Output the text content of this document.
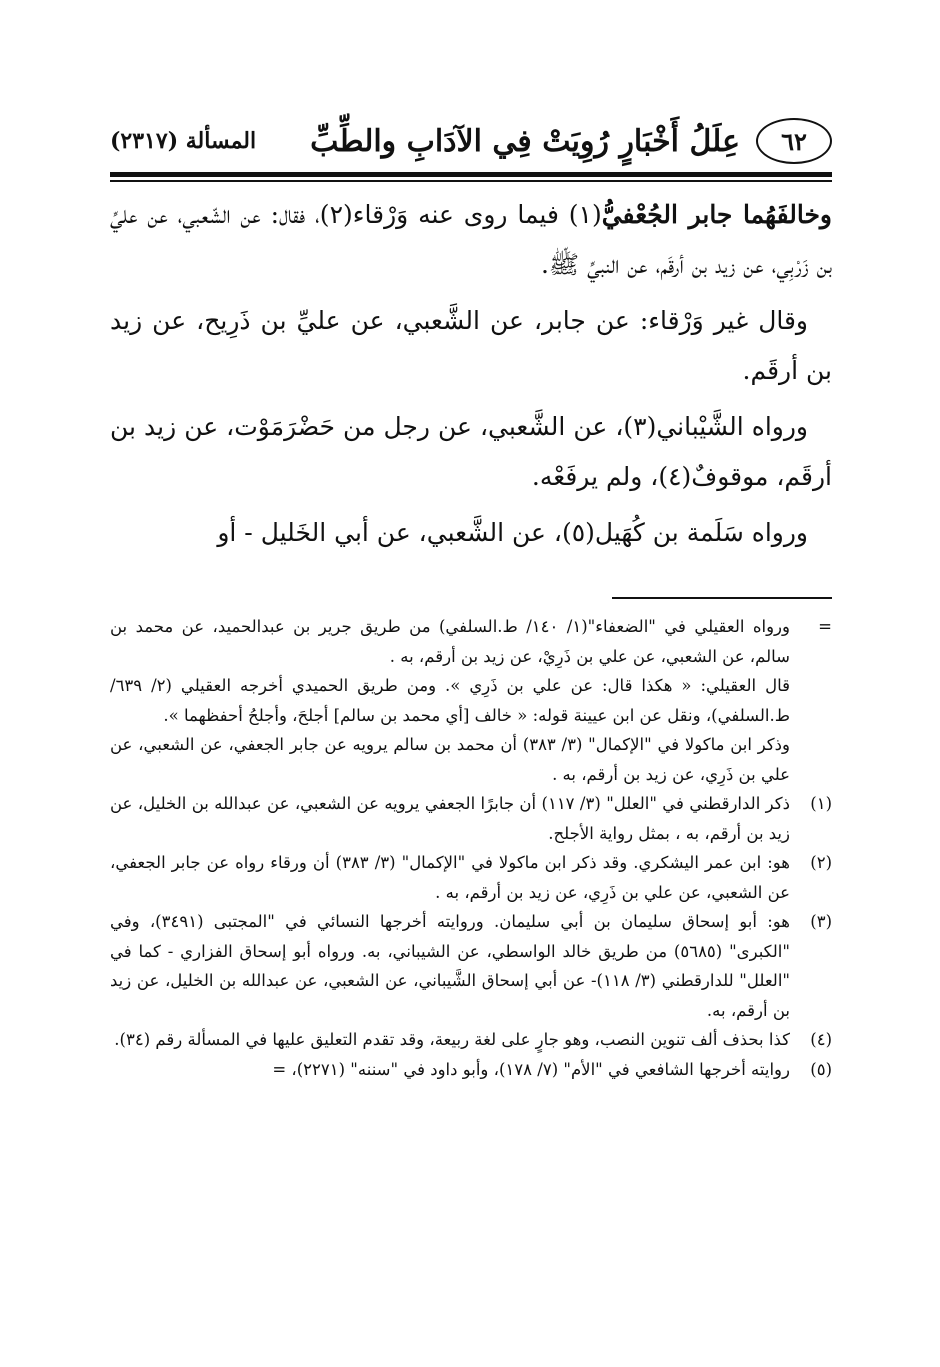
٦٢
عِلَلُ أَخْبَارٍ رُوِيَتْ فِي الآدَابِ والطِّبِّ
المسألة (٢٣١٧)

وخالفَهُما جابر الجُعْفيُّ(١) فيما روى عنه وَرْقاء(٢)، فقال: عن الشّعبي، عن عليِّ بن زَرْبِي، عن زيد بن أرقَم، عن النبيِّ ﷺ.

وقال غير وَرْقاء: عن جابر، عن الشَّعبي، عن عليِّ بن ذَرِيح، عن زيد بن أرقَم.

ورواه الشَّيْباني(٣)، عن الشَّعبي، عن رجل من حَضْرَمَوْت، عن زيد بن أرقَم، موقوفٌ(٤)، ولم يرفَعْه.

ورواه سَلَمة بن كُهَيل(٥)، عن الشَّعبي، عن أبي الخَليل - أو

=
ورواه العقيلي في "الضعفاء"(١/ ١٤٠/ ط.السلفي) من طريق جرير بن عبدالحميد، عن محمد بن سالم، عن الشعبي، عن علي بن ذَرِيْ، عن زيد بن أرقم، به .
قال العقيلي: « هكذا قال: عن علي بن ذَرِي ». ومن طريق الحميدي أخرجه العقيلي (٢/ ٦٣٩/ ط.السلفي)، ونقل عن ابن عيينة قوله: « خالف [أي محمد بن سالم] أجلحَ، وأجلحُ أحفظهما ».
وذكر ابن ماكولا في "الإكمال" (٣/ ٣٨٣) أن محمد بن سالم يرويه عن جابر الجعفي، عن الشعبي، عن علي بن ذَرِي، عن زيد بن أرقم، به .
(١)
ذكر الدارقطني في "العلل" (٣/ ١١٧) أن جابرًا الجعفي يرويه عن الشعبي، عن عبدالله بن الخليل، عن زيد بن أرقم، به ، بمثل رواية الأجلح.
(٢)
هو: ابن عمر اليشكري. وقد ذكر ابن ماكولا في "الإكمال" (٣/ ٣٨٣) أن ورقاء رواه عن جابر الجعفي، عن الشعبي، عن علي بن ذَرِي، عن زيد بن أرقم، به .
(٣)
هو: أبو إسحاق سليمان بن أبي سليمان. وروايته أخرجها النسائي في "المجتبى (٣٤٩١)، وفي "الكبرى" (٥٦٨٥) من طريق خالد الواسطي، عن الشيباني، به. ورواه أبو إسحاق الفزاري - كما في "العلل" للدارقطني (٣/ ١١٨)- عن أبي إسحاق الشَّيباني، عن الشعبي، عن عبدالله بن الخليل، عن زيد بن أرقم، به.
(٤)
كذا بحذف ألف تنوين النصب، وهو جارٍ على لغة ربيعة، وقد تقدم التعليق عليها في المسألة رقم (٣٤).
(٥)
روايته أخرجها الشافعي في "الأم" (٧/ ١٧٨)، وأبو داود في "سننه" (٢٢٧١)، =
